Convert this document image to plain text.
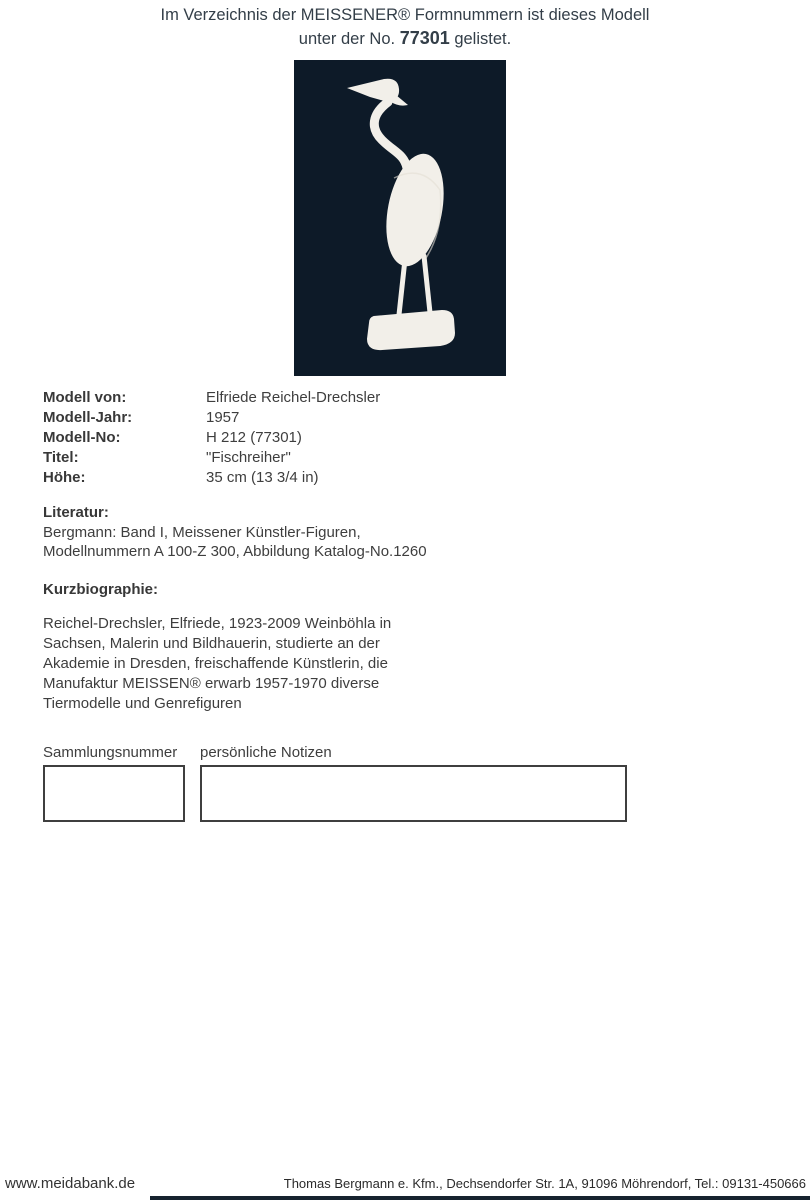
Im Verzeichnis der MEISSENER® Formnummern ist dieses Modell
unter der No. 77301 gelistet.
Modell von:	Elfriede Reichel-Drechsler
Modell-Jahr:	1957
Modell-No:	H 212 (77301)
Titel:	"Fischreiher"
Höhe:	35 cm (13 3/4 in)
Literatur:
Bergmann: Band I, Meissener Künstler-Figuren,
Modellnummern A 100-Z 300, Abbildung Katalog-No.1260
Kurzbiographie:
Reichel-Drechsler, Elfriede, 1923-2009 Weinböhla in
Sachsen, Malerin und Bildhauerin, studierte an der
Akademie in Dresden, freischaffende Künstlerin, die
Manufaktur MEISSEN® erwarb 1957-1970 diverse
Tiermodelle und Genrefiguren
Sammlungsnummer	persönliche Notizen
www.meidabank.de	Thomas Bergmann e. Kfm., Dechsendorfer Str. 1A, 91096 Möhrendorf, Tel.: 09131-450666
